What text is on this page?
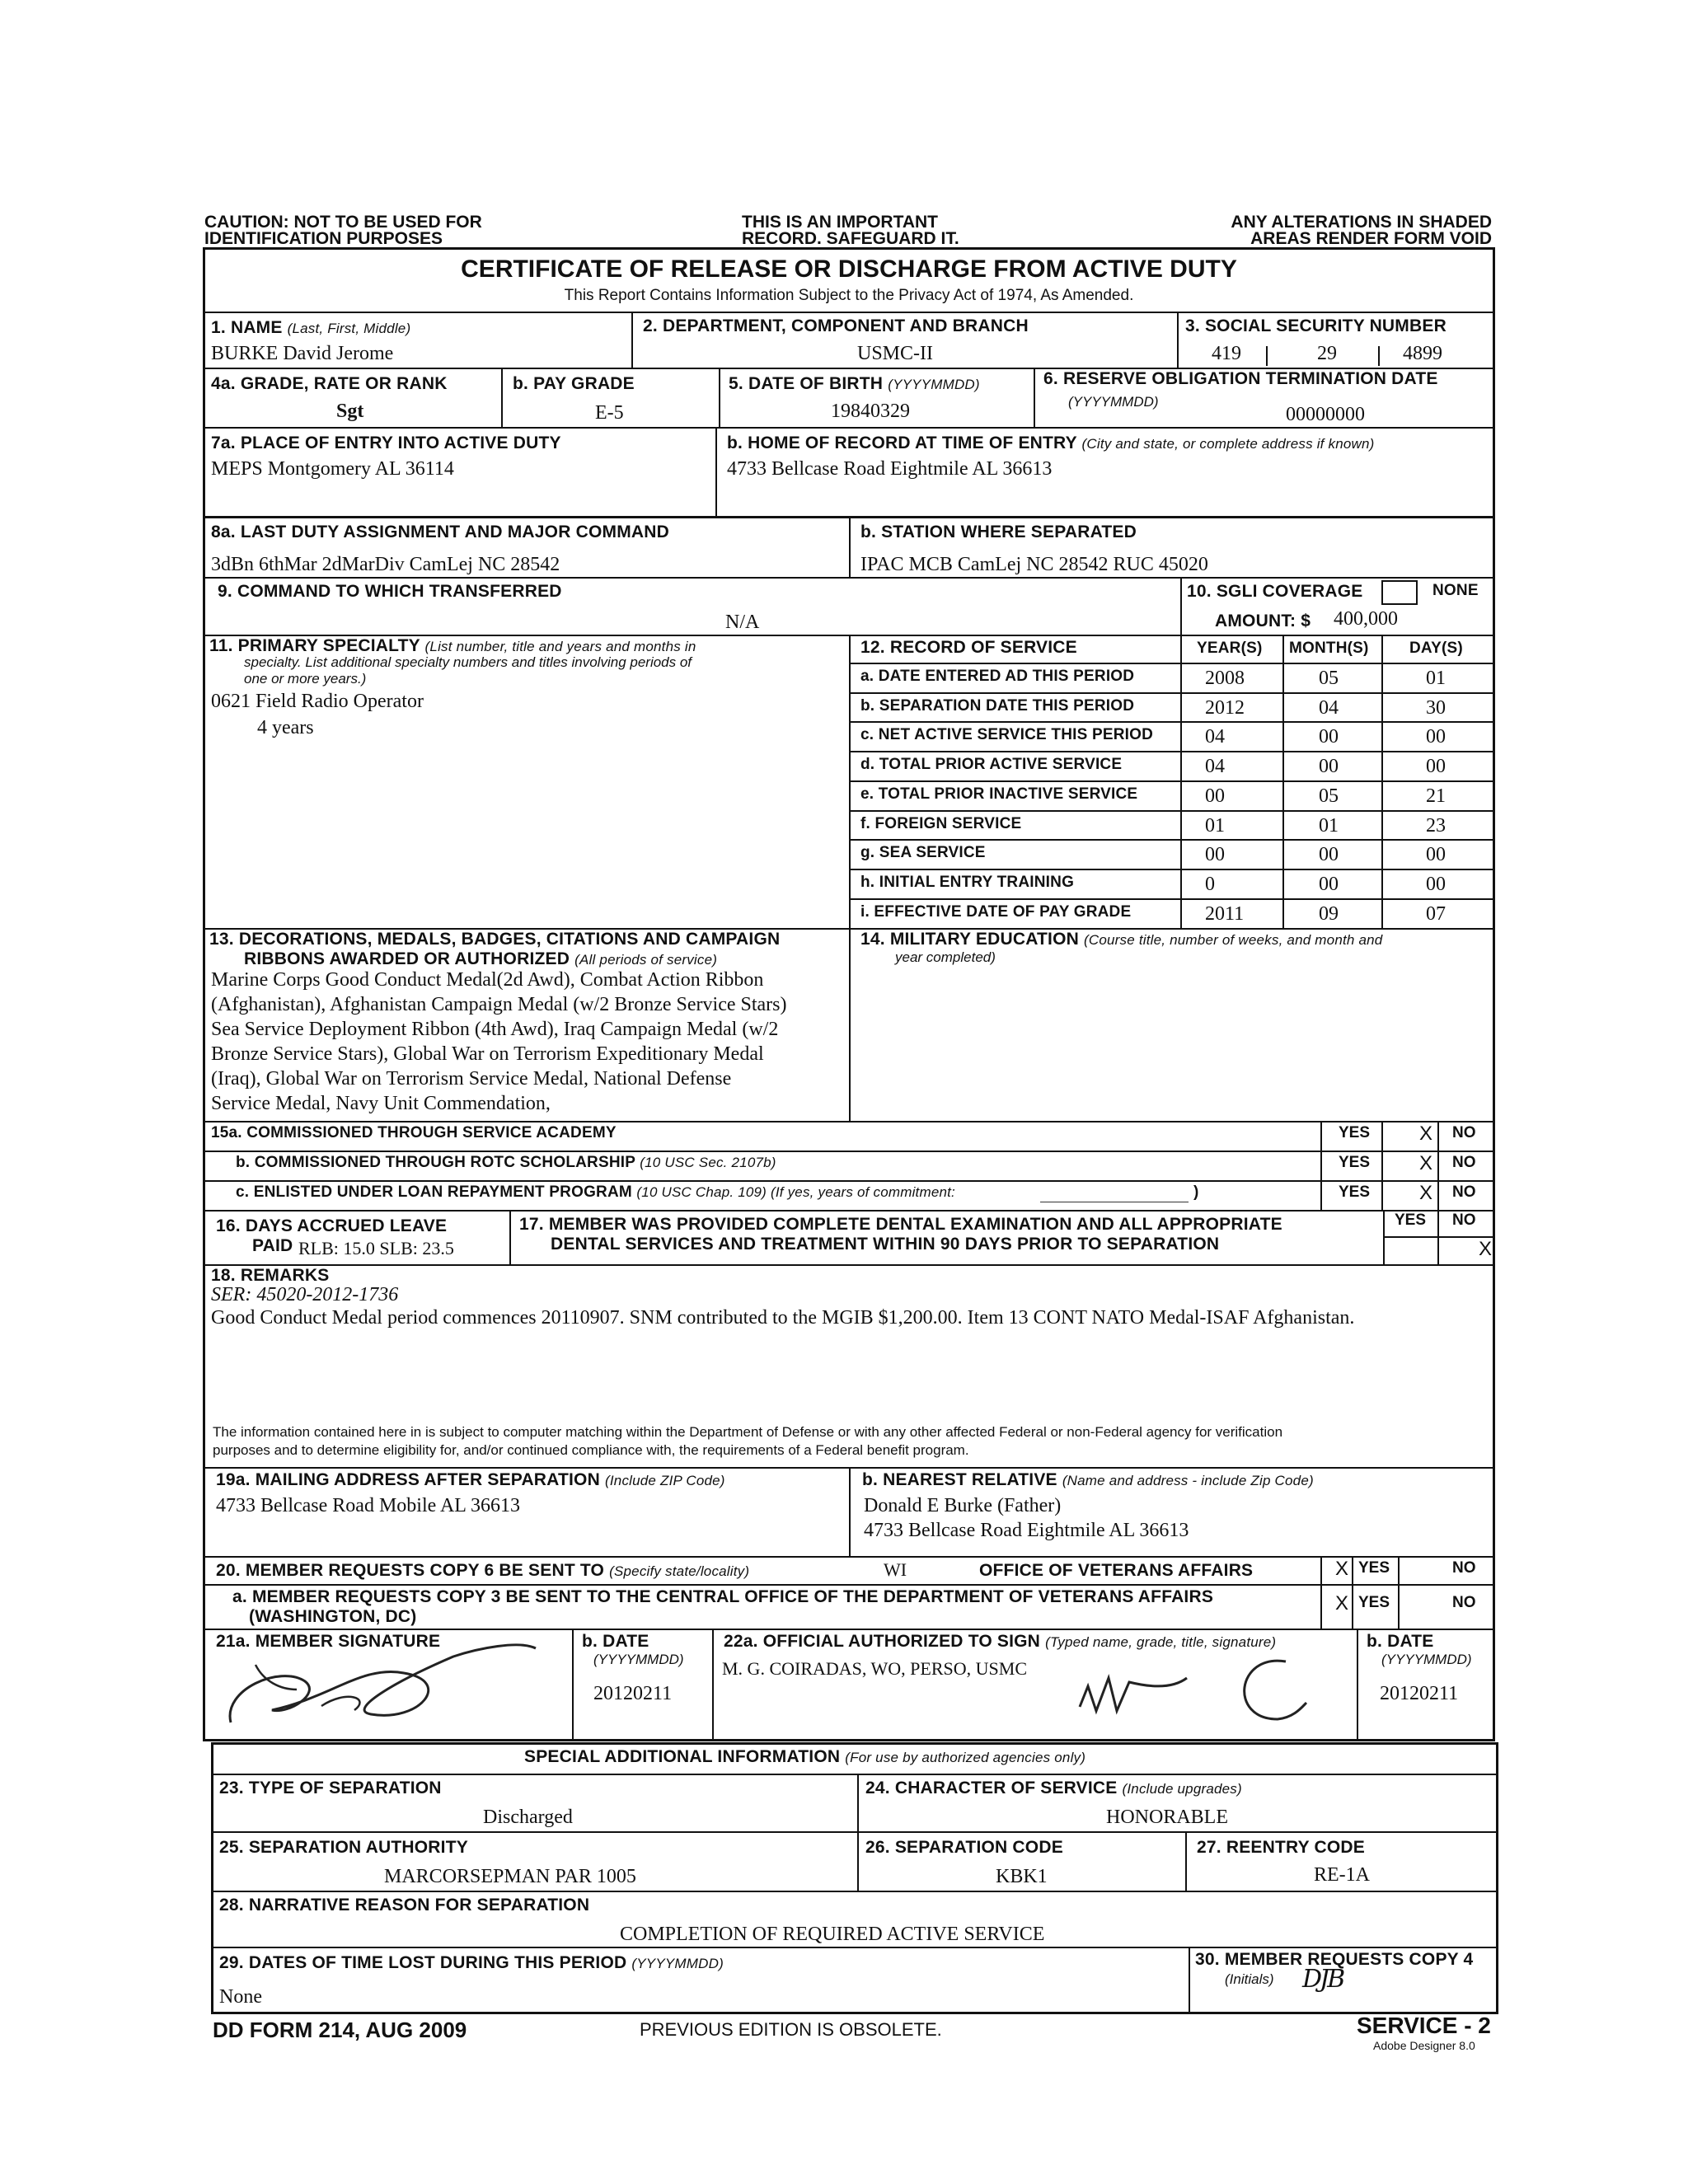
CAUTION: NOT TO BE USED FOR
IDENTIFICATION PURPOSES
THIS IS AN IMPORTANT
RECORD. SAFEGUARD IT.
ANY ALTERATIONS IN SHADED
AREAS RENDER FORM VOID
CERTIFICATE OF RELEASE OR DISCHARGE FROM ACTIVE DUTY
This Report Contains Information Subject to the Privacy Act of 1974, As Amended.
1. NAME (Last, First, Middle)
BURKE David Jerome
2. DEPARTMENT, COMPONENT AND BRANCH
USMC-II
3. SOCIAL SECURITY NUMBER
419	29	4899
4a. GRADE, RATE OR RANK
Sgt
b. PAY GRADE
E-5
5. DATE OF BIRTH (YYYYMMDD)
19840329
6. RESERVE OBLIGATION TERMINATION DATE
(YYYYMMDD)
00000000
7a. PLACE OF ENTRY INTO ACTIVE DUTY
MEPS Montgomery AL 36114
b. HOME OF RECORD AT TIME OF ENTRY (City and state, or complete address if known)
4733 Bellcase Road Eightmile AL 36613
8a. LAST DUTY ASSIGNMENT AND MAJOR COMMAND
3dBn 6thMar 2dMarDiv CamLej NC 28542
b. STATION WHERE SEPARATED
IPAC MCB CamLej NC 28542 RUC 45020
9. COMMAND TO WHICH TRANSFERRED
N/A
10. SGLI COVERAGE	NONE
AMOUNT: $ 400,000
11. PRIMARY SPECIALTY (List number, title and years and months in
specialty. List additional specialty numbers and titles involving periods of
one or more years.)
0621 Field Radio Operator
4 years
12. RECORD OF SERVICE	YEAR(S) MONTH(S)	DAY(S)
a. DATE ENTERED AD THIS PERIOD	2008	05	01
b. SEPARATION DATE THIS PERIOD	2012	04	30
c. NET ACTIVE SERVICE THIS PERIOD	04	00	00
d. TOTAL PRIOR ACTIVE SERVICE	04	00	00
e. TOTAL PRIOR INACTIVE SERVICE	00	05	21
f. FOREIGN SERVICE	01	01	23
g. SEA SERVICE	00	00	00
h. INITIAL ENTRY TRAINING	0	00	00
i. EFFECTIVE DATE OF PAY GRADE	2011	09	07
13. DECORATIONS, MEDALS, BADGES, CITATIONS AND CAMPAIGN
RIBBONS AWARDED OR AUTHORIZED (All periods of service)
Marine Corps Good Conduct Medal(2d Awd), Combat Action Ribbon
(Afghanistan), Afghanistan Campaign Medal (w/2 Bronze Service Stars)
Sea Service Deployment Ribbon (4th Awd), Iraq Campaign Medal (w/2
Bronze Service Stars), Global War on Terrorism Expeditionary Medal
(Iraq), Global War on Terrorism Service Medal, National Defense
Service Medal, Navy Unit Commendation,
14. MILITARY EDUCATION (Course title, number of weeks, and month and
year completed)
15a. COMMISSIONED THROUGH SERVICE ACADEMY
b. COMMISSIONED THROUGH ROTC SCHOLARSHIP (10 USC Sec. 2107b)
c. ENLISTED UNDER LOAN REPAYMENT PROGRAM (10 USC Chap. 109) (If yes, years of commitment:	)
YES X NO
YES X NO
YES X NO
16. DAYS ACCRUED LEAVE
PAID RLB: 15.0 SLB: 23.5
17. MEMBER WAS PROVIDED COMPLETE DENTAL EXAMINATION AND ALL APPROPRIATE
DENTAL SERVICES AND TREATMENT WITHIN 90 DAYS PRIOR TO SEPARATION
YES NO
X
18. REMARKS
SER: 45020-2012-1736
Good Conduct Medal period commences 20110907. SNM contributed to the MGIB $1,200.00. Item 13 CONT NATO Medal-ISAF Afghanistan.
The information contained here in is subject to computer matching within the Department of Defense or with any other affected Federal or non-Federal agency for verification
purposes and to determine eligibility for, and/or continued compliance with, the requirements of a Federal benefit program.
19a. MAILING ADDRESS AFTER SEPARATION (Include ZIP Code)
4733 Bellcase Road Mobile AL 36613
b. NEAREST RELATIVE (Name and address - include Zip Code)
Donald E Burke (Father)
4733 Bellcase Road Eightmile AL 36613
20. MEMBER REQUESTS COPY 6 BE SENT TO (Specify state/locality)	WI	OFFICE OF VETERANS AFFAIRS	X YES	NO
a. MEMBER REQUESTS COPY 3 BE SENT TO THE CENTRAL OFFICE OF THE DEPARTMENT OF VETERANS AFFAIRS
(WASHINGTON, DC)
X YES	NO
21a. MEMBER SIGNATURE	b. DATE
(YYYYMMDD)
20120211
22a. OFFICIAL AUTHORIZED TO SIGN (Typed name, grade, title, signature)
M. G. COIRADAS, WO, PERSO, USMC
b. DATE
(YYYYMMDD)
20120211
SPECIAL ADDITIONAL INFORMATION (For use by authorized agencies only)
23. TYPE OF SEPARATION
Discharged
24. CHARACTER OF SERVICE (Include upgrades)
HONORABLE
25. SEPARATION AUTHORITY
MARCORSEPMAN PAR 1005
26. SEPARATION CODE
KBK1
27. REENTRY CODE
RE-1A
28. NARRATIVE REASON FOR SEPARATION
COMPLETION OF REQUIRED ACTIVE SERVICE
29. DATES OF TIME LOST DURING THIS PERIOD (YYYYMMDD)
None
30. MEMBER REQUESTS COPY 4
(Initials) DJB
DD FORM 214, AUG 2009	PREVIOUS EDITION IS OBSOLETE.	SERVICE - 2
Adobe Designer 8.0
